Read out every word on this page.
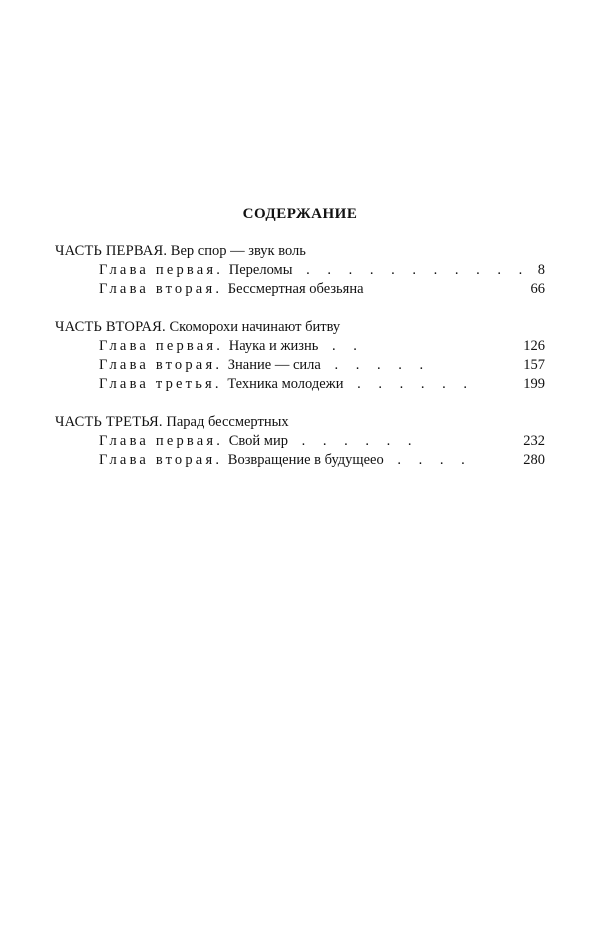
СОДЕРЖАНИЕ
ЧАСТЬ ПЕРВАЯ. Вер спор — звук воль
Глава первая. Переломы . . . . . . . . . . . 8
Глава вторая. Бессмертная обезьяна	66
ЧАСТЬ ВТОРАЯ. Скоморохи начинают битву
Глава первая. Наука и жизнь . .	126
Глава вторая. Знание — сила . . . . .	157
Глава третья. Техника молодежи . . . . . .	199
ЧАСТЬ ТРЕТЬЯ. Парад бессмертных
Глава первая. Свой мир . . . . . .	232
Глава вторая. Возвращение в будущеео . . . .	280
